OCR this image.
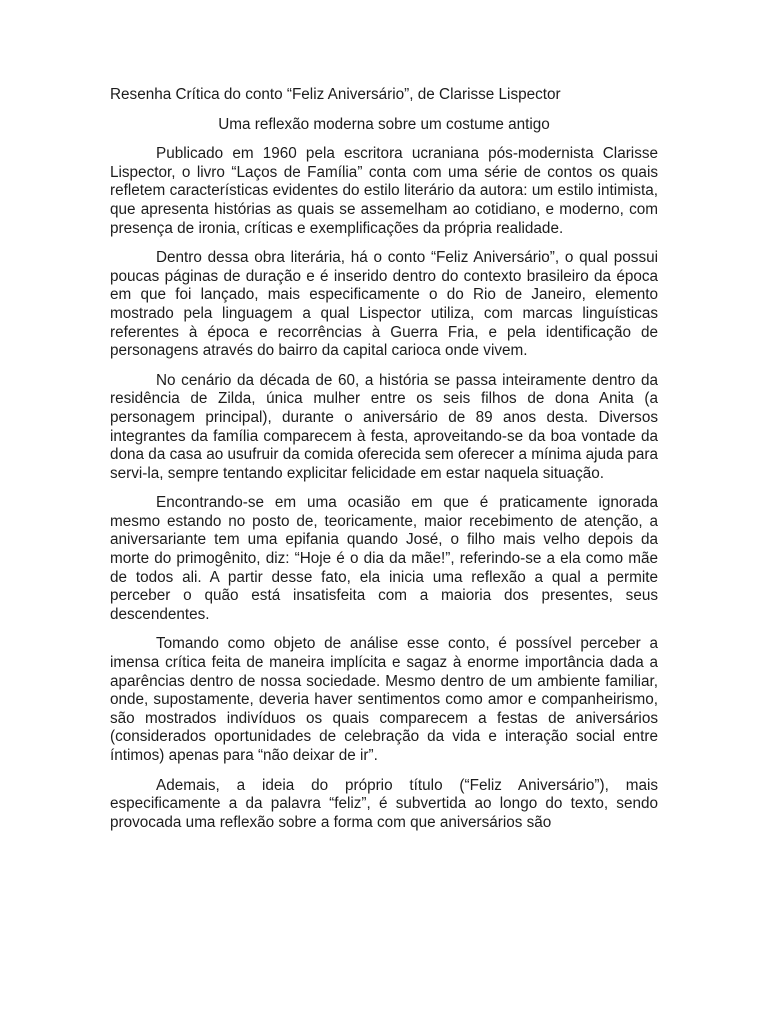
Resenha Crítica do conto “Feliz Aniversário”, de Clarisse Lispector

Uma reflexão moderna sobre um costume antigo

Publicado em 1960 pela escritora ucraniana pós-modernista Clarisse Lispector, o livro “Laços de Família” conta com uma série de contos os quais refletem características evidentes do estilo literário da autora: um estilo intimista, que apresenta histórias as quais se assemelham ao cotidiano, e moderno, com presença de ironia, críticas e exemplificações da própria realidade.

Dentro dessa obra literária, há o conto “Feliz Aniversário”, o qual possui poucas páginas de duração e é inserido dentro do contexto brasileiro da época em que foi lançado, mais especificamente o do Rio de Janeiro, elemento mostrado pela linguagem a qual Lispector utiliza, com marcas linguísticas referentes à época e recorrências à Guerra Fria, e pela identificação de personagens através do bairro da capital carioca onde vivem.

No cenário da década de 60, a história se passa inteiramente dentro da residência de Zilda, única mulher entre os seis filhos de dona Anita (a personagem principal), durante o aniversário de 89 anos desta. Diversos integrantes da família comparecem à festa, aproveitando-se da boa vontade da dona da casa ao usufruir da comida oferecida sem oferecer a mínima ajuda para servi-la, sempre tentando explicitar felicidade em estar naquela situação.

Encontrando-se em uma ocasião em que é praticamente ignorada mesmo estando no posto de, teoricamente, maior recebimento de atenção, a aniversariante tem uma epifania quando José, o filho mais velho depois da morte do primogênito, diz: “Hoje é o dia da mãe!”, referindo-se a ela como mãe de todos ali. A partir desse fato, ela inicia uma reflexão a qual a permite perceber o quão está insatisfeita com a maioria dos presentes, seus descendentes.

Tomando como objeto de análise esse conto, é possível perceber a imensa crítica feita de maneira implícita e sagaz à enorme importância dada a aparências dentro de nossa sociedade. Mesmo dentro de um ambiente familiar, onde, supostamente, deveria haver sentimentos como amor e companheirismo, são mostrados indivíduos os quais comparecem a festas de aniversários (considerados oportunidades de celebração da vida e interação social entre íntimos) apenas para “não deixar de ir”.

Ademais, a ideia do próprio título (“Feliz Aniversário”), mais especificamente a da palavra “feliz”, é subvertida ao longo do texto, sendo provocada uma reflexão sobre a forma com que aniversários são
